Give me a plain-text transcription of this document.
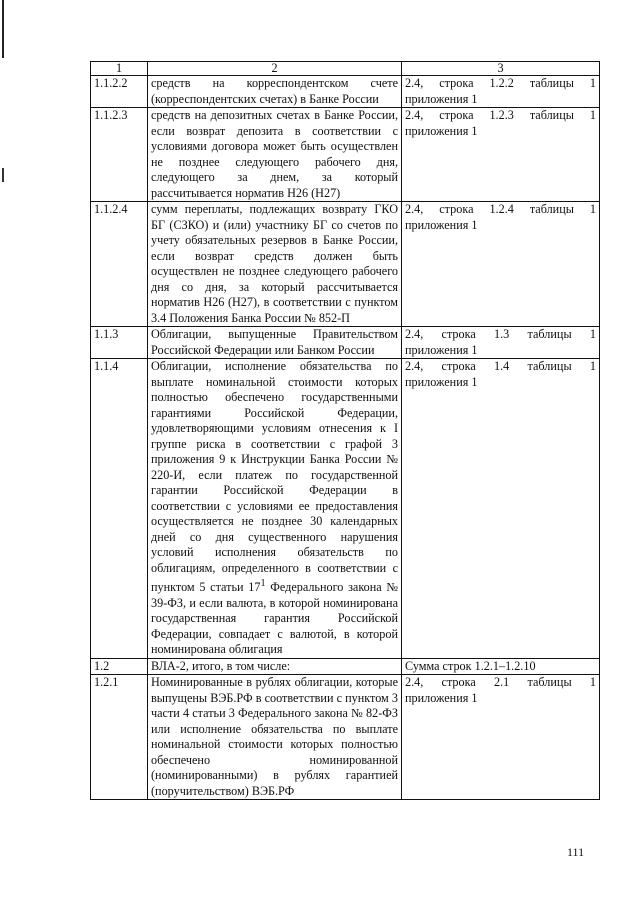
1	2	3
1.1.2.2	средств на корреспондентском счете (корреспондентских счетах) в Банке России	2.4, строка 1.2.2 таблицы 1 приложения 1
1.1.2.3	средств на депозитных счетах в Банке России, если возврат депозита в соответствии с условиями договора может быть осуществлен не позднее следующего рабочего дня, следующего за днем, за который рассчитывается норматив Н26 (Н27)	2.4, строка 1.2.3 таблицы 1 приложения 1
1.1.2.4	сумм переплаты, подлежащих возврату ГКО БГ (СЗКО) и (или) участнику БГ со счетов по учету обязательных резервов в Банке России, если возврат средств должен быть осуществлен не позднее следующего рабочего дня со дня, за который рассчитывается норматив Н26 (Н27), в соответствии с пунктом 3.4 Положения Банка России № 852-П	2.4, строка 1.2.4 таблицы 1 приложения 1
1.1.3	Облигации, выпущенные Правительством Российской Федерации или Банком России	2.4, строка 1.3 таблицы 1 приложения 1
1.1.4	Облигации, исполнение обязательства по выплате номинальной стоимости которых полностью обеспечено государственными гарантиями Российской Федерации, удовлетворяющими условиям отнесения к I группе риска в соответствии с графой 3 приложения 9 к Инструкции Банка России № 220-И, если платеж по государственной гарантии Российской Федерации в соответствии с условиями ее предоставления осуществляется не позднее 30 календарных дней со дня существенного нарушения условий исполнения обязательств по облигациям, определенного в соответствии с пунктом 5 статьи $17^1$ Федерального закона № 39-ФЗ, и если валюта, в которой номинирована государственная гарантия Российской Федерации, совпадает с валютой, в которой номинирована облигация	2.4, строка 1.4 таблицы 1 приложения 1
1.2	ВЛА-2, итого, в том числе:	Сумма строк 1.2.1–1.2.10
1.2.1	Номинированные в рублях облигации, которые выпущены ВЭБ.РФ в соответствии с пунктом 3 части 4 статьи 3 Федерального закона № 82-ФЗ или исполнение обязательства по выплате номинальной стоимости которых полностью обеспечено номинированной (номинированными) в рублях гарантией (поручительством) ВЭБ.РФ	2.4, строка 2.1 таблицы 1 приложения 1
111
